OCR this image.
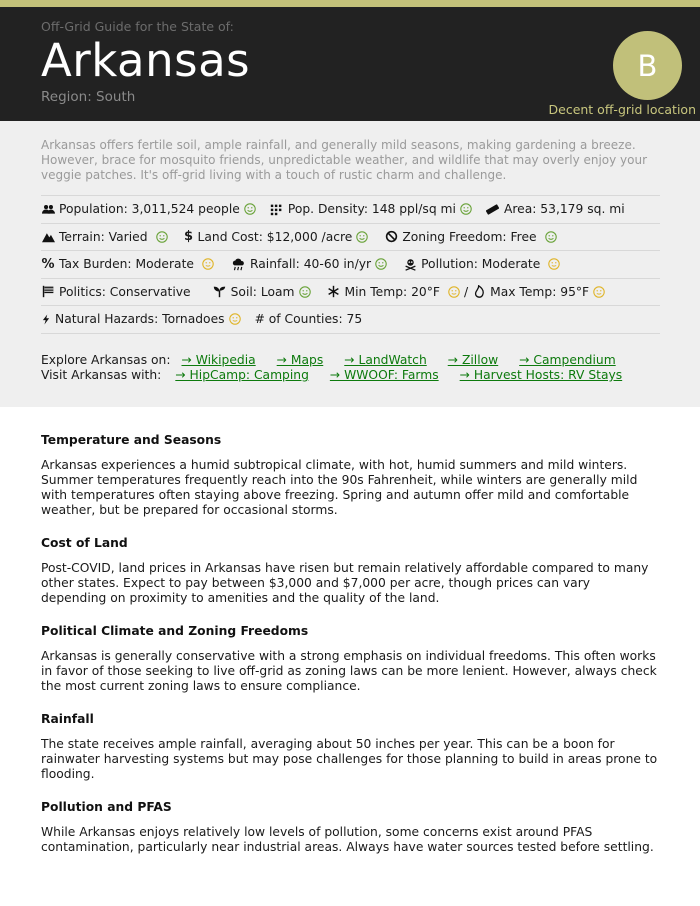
Off-Grid Guide for the State of:
Arkansas
Region: South
B
Decent off-grid location

Arkansas offers fertile soil, ample rainfall, and generally mild seasons, making gardening a breeze. However, brace for mosquito friends, unpredictable weather, and wildlife that may overly enjoy your veggie patches. It's off-grid living with a touch of rustic charm and challenge.

Population: 3,011,524 people	Pop. Density: 148 ppl/sq mi	Area: 53,179 sq. mi
Terrain: Varied	$ Land Cost: $12,000 /acre	Zoning Freedom: Free
% Tax Burden: Moderate	Rainfall: 40-60 in/yr	Pollution: Moderate
Politics: Conservative	Soil: Loam	Min Temp: 20°F / Max Temp: 95°F
Natural Hazards: Tornadoes # of Counties: 75
Explore Arkansas on: → Wikipedia → Maps → LandWatch → Zillow → Campendium
Visit Arkansas with: → HipCamp: Camping → WWOOF: Farms → Harvest Hosts: RV Stays
Temperature and Seasons

Arkansas experiences a humid subtropical climate, with hot, humid summers and mild winters. Summer temperatures frequently reach into the 90s Fahrenheit, while winters are generally mild with temperatures often staying above freezing. Spring and autumn offer mild and comfortable weather, but be prepared for occasional storms.

Cost of Land

Post-COVID, land prices in Arkansas have risen but remain relatively affordable compared to many other states. Expect to pay between $3,000 and $7,000 per acre, though prices can vary depending on proximity to amenities and the quality of the land.

Political Climate and Zoning Freedoms

Arkansas is generally conservative with a strong emphasis on individual freedoms. This often works in favor of those seeking to live off-grid as zoning laws can be more lenient. However, always check the most current zoning laws to ensure compliance.

Rainfall

The state receives ample rainfall, averaging about 50 inches per year. This can be a boon for rainwater harvesting systems but may pose challenges for those planning to build in areas prone to flooding.

Pollution and PFAS

While Arkansas enjoys relatively low levels of pollution, some concerns exist around PFAS contamination, particularly near industrial areas. Always have water sources tested before settling.
